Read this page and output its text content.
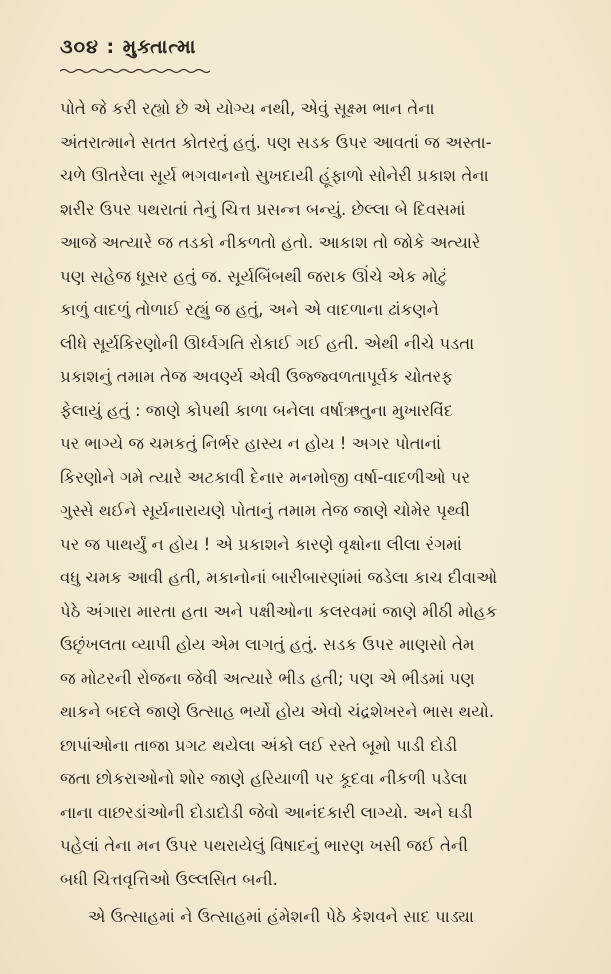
૩૦૪ : મુક્તાત્મા
પોતે જે કરી રહ્યો છે એ યોગ્ય નથી, એવું સૂક્ષ્મ ભાન તેના
અંતરાત્માને સતત કોતરતું હતું. પણ સડક ઉપર આવતાં જ અસ્તા-
ચળે ઊતરેલા સૂર્ય ભગવાનનો સુખદાયી હૂંફાળો સોનેરી પ્રકાશ તેના
શરીર ઉપર પથરાતાં તેનું ચિત્ત પ્રસન્ન બન્યું. છેલ્લા બે દિવસમાં
આજે અત્યારે જ તડકો નીકળતો હતો. આકાશ તો જોકે અત્યારે
પણ સહેજ ધૂસર હતું જ. સૂર્યબિંબથી જરાક ઊંચે એક મોટું
કાળું વાદળું તોળાઈ રહ્યું જ હતું, અને એ વાદળાના ઢાંકણને
લીધે સૂર્યકિરણોની ઊર્ધ્વગતિ રોકાઈ ગઈ હતી. એથી નીચે પડતા
પ્રકાશનું તમામ તેજ અવર્ણ્ય એવી ઉજ્જ્વળતાપૂર્વક ચોતરફ
ફેલાયું હતું : જાણે કોપથી કાળા બનેલા વર્ષાઋતુના મુખારવિંદ
પર ભાગ્યે જ ચમકતું નિર્ભર હાસ્ય ન હોય ! અગર પોતાનાં
કિરણોને ગમે ત્યારે અટકાવી દેનાર મનમોજી વર્ષા-વાદળીઓ પર
ગુસ્સે થઈને સૂર્યનારાયણે પોતાનું તમામ તેજ જાણે ચોમેર પૃથ્વી
પર જ પાથર્યું ન હોય ! એ પ્રકાશને કારણે વૃક્ષોના લીલા રંગમાં
વધુ ચમક આવી હતી, મકાનોનાં બારીબારણાંમાં જડેલા કાચ દીવાઓ
પેઠે અંગારા મારતા હતા અને પક્ષીઓના કલરવમાં જાણે મીઠી મોહક
ઉછૃંખલતા વ્યાપી હોય એમ લાગતું હતું. સડક ઉપર માણસો તેમ
જ મોટરની રોજના જેવી અત્યારે ભીડ હતી; પણ એ ભીડમાં પણ
થાકને બદલે જાણે ઉત્સાહ ભર્યો હોય એવો ચંદ્રશેખરને ભાસ થયો.
છાપાંઓના તાજા પ્રગટ થયેલા અંકો લઈ રસ્તે બૂમો પાડી દોડી
જતા છોકરાઓનો શોર જાણે હરિયાળી પર કૂદવા નીકળી પડેલા
નાના વાછરડાંઓની દોડાદોડી જેવો આનંદકારી લાગ્યો. અને ઘડી
પહેલાં તેના મન ઉપર પથરાયેલું વિષાદનું ભારણ ખસી જઈ તેની
બધી ચિત્તવૃત્તિઓ ઉલ્લસિત બની.
એ ઉત્સાહમાં ને ઉત્સાહમાં હંમેશની પેઠે કેશવને સાદ પાડ્યા
